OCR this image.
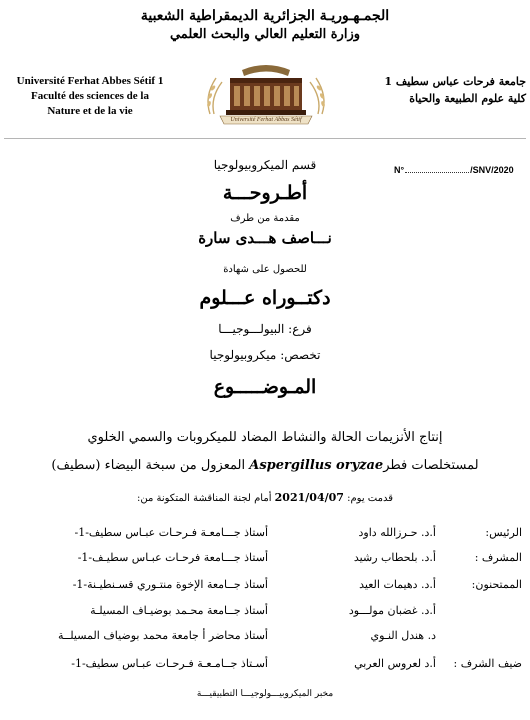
الجمـهـوريـة الجزائرية الديمقراطية الشعبية
وزارة التعليم العالي والبحث العلمي
Université Ferhat Abbes Sétif 1
Faculté des sciences de la
Nature et de la vie
جامعة فرحات عباس سطيف 1
كلية علوم الطبيعة والحياة
Université Ferhat Abbas Sétif
N°	/SNV/2020
قسم الميكروبيولوجيا
أطـروحـــة
مقدمة من طرف
نـــاصف هـــدى سارة
للحصول على شهادة
دكتــوراه عـــلوم
فرع: البيولـــوجيـــا
تخصص: ميكروبيولوجيا
المـوضـــــوع
إنتاج الأنزيمات الحالة والنشاط المضاد للميكروبات والسمي الخلوي
لمستخلصات فطرAspergillus oryzae المعزول من سبخة البيضاء (سطيف)
قدمت يوم: 2021/04/07 أمام لجنة المناقشة المتكونة من:
الرئيس:
أ.د. حـرزالله داود
أستاذ جـــامعـة فـرحـات عبـاس سطيف-1-
المشرف :
أ.د. بلحطاب رشيد
أستاذ جـــامعة فرحـات عبـاس سطيـف-1-
الممتحنون:
أ.د. دهيمات العيد
أستاذ جــامعة الإخوة منتـوري قسـنطيـنة-1-
أ.د. غضبان مولـــود
أستاذ جــامعة محـمد بوضيـاف المسيلـة
د. هندل النـوي
أستاذ محاضر أ جامعة محمد بوضياف المسيلــة
ضيف الشرف :
أ.د لعروس العربي
أسـتاذ جــامـعـة فـرحـات عبـاس سطيف-1-
مخبر الميكروبيـــولوجيـــا التطبيقيـــة
